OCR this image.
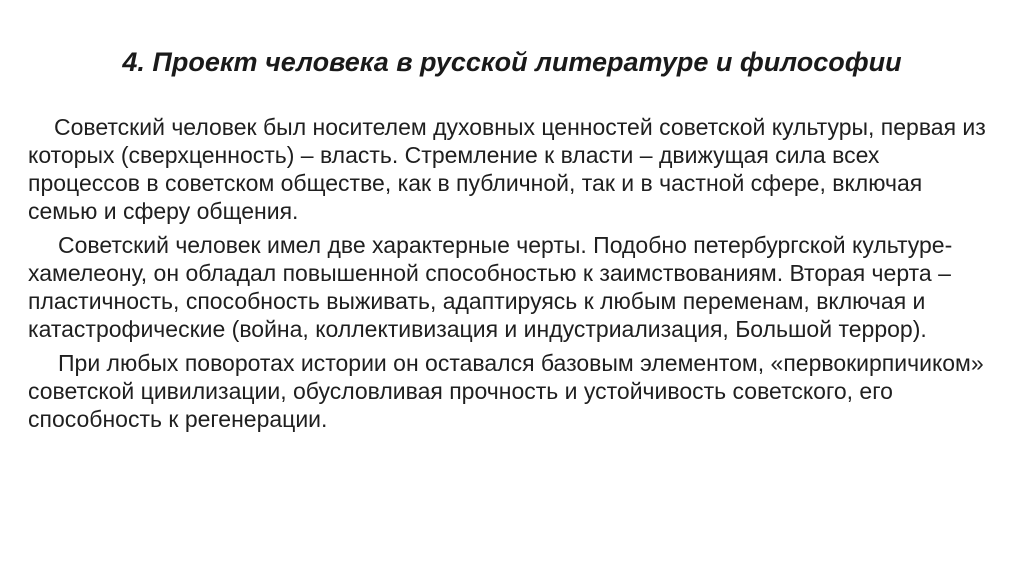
4. Проект человека в русской литературе и философии

Советский человек был носителем духовных ценностей советской культуры, первая из которых (сверхценность) – власть. Стремление к власти – движущая сила всех процессов в советском обществе, как в публичной, так и в частной сфере, включая семью и сферу общения.

Советский человек имел две характерные черты. Подобно петербургской культуре-хамелеону, он обладал повышенной способностью к заимствованиям. Вторая черта – пластичность, способность выживать, адаптируясь к любым переменам, включая и катастрофические (война, коллективизация и индустриализация, Большой террор).

При любых поворотах истории он оставался базовым элементом, «первокирпичиком» советской цивилизации, обусловливая прочность и устойчивость советского, его способность к регенерации.
